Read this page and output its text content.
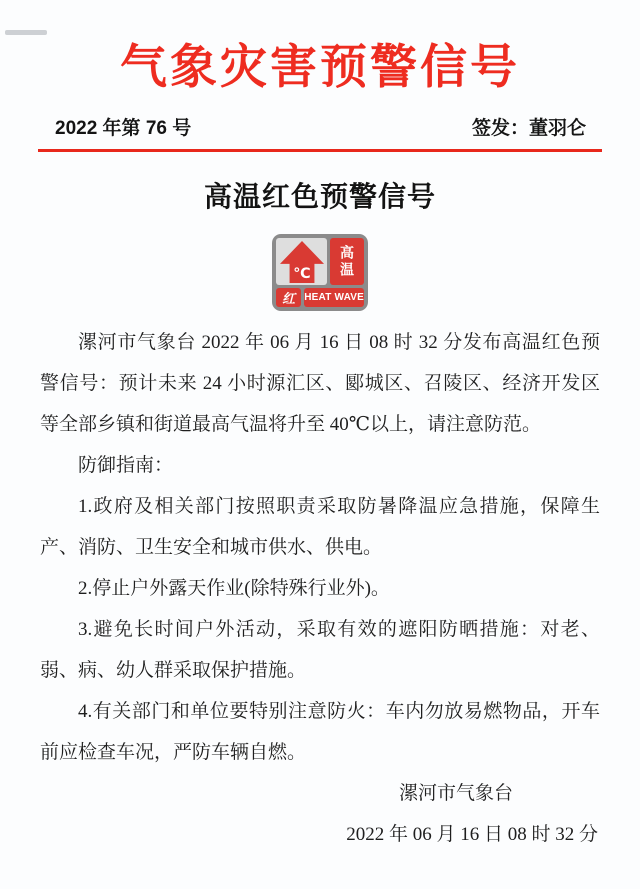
气象灾害预警信号
2022 年第 76 号	签发：董羽仑
高温红色预警信号
℃	高温
红 HEAT WAVE

漯河市气象台 2022 年 06 月 16 日 08 时 32 分发布高温红色预警信号：预计未来 24 小时源汇区、郾城区、召陵区、经济开发区等全部乡镇和街道最高气温将升至 40℃以上，请注意防范。

防御指南：

1.政府及相关部门按照职责采取防暑降温应急措施，保障生产、消防、卫生安全和城市供水、供电。

2.停止户外露天作业(除特殊行业外)。

3.避免长时间户外活动，采取有效的遮阳防晒措施：对老、弱、病、幼人群采取保护措施。

4.有关部门和单位要特别注意防火：车内勿放易燃物品，开车前应检查车况，严防车辆自燃。

漯河市气象台

2022 年 06 月 16 日 08 时 32 分
